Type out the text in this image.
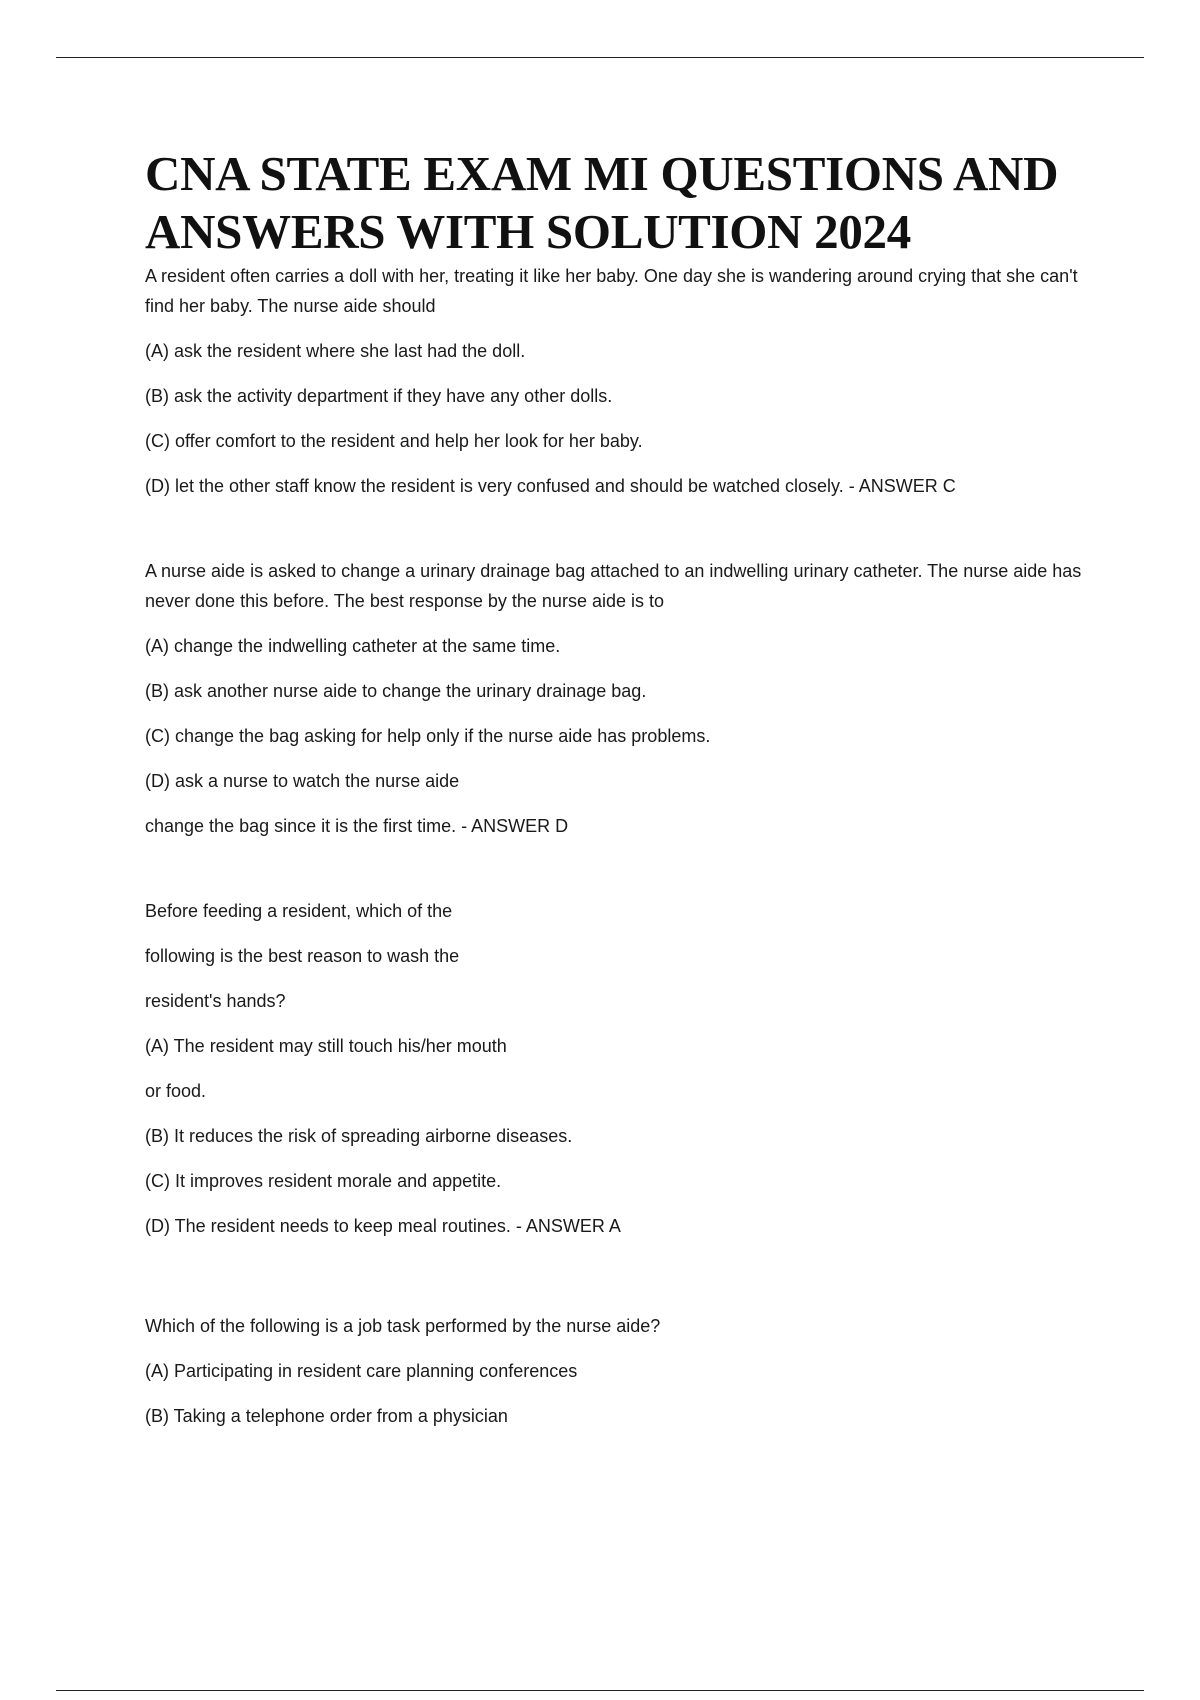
CNA STATE EXAM MI QUESTIONS AND ANSWERS WITH SOLUTION 2024

A resident often carries a doll with her, treating it like her baby. One day she is wandering around crying that she can't find her baby. The nurse aide should

(A) ask the resident where she last had the doll.

(B) ask the activity department if they have any other dolls.

(C) offer comfort to the resident and help her look for her baby.

(D) let the other staff know the resident is very confused and should be watched closely. - ANSWER C

A nurse aide is asked to change a urinary drainage bag attached to an indwelling urinary catheter. The nurse aide has never done this before. The best response by the nurse aide is to

(A) change the indwelling catheter at the same time.

(B) ask another nurse aide to change the urinary drainage bag.

(C) change the bag asking for help only if the nurse aide has problems.

(D) ask a nurse to watch the nurse aide

change the bag since it is the first time. - ANSWER D

Before feeding a resident, which of the

following is the best reason to wash the

resident's hands?

(A) The resident may still touch his/her mouth

or food.

(B) It reduces the risk of spreading airborne diseases.

(C) It improves resident morale and appetite.

(D) The resident needs to keep meal routines. - ANSWER A

Which of the following is a job task performed by the nurse aide?

(A) Participating in resident care planning conferences

(B) Taking a telephone order from a physician
